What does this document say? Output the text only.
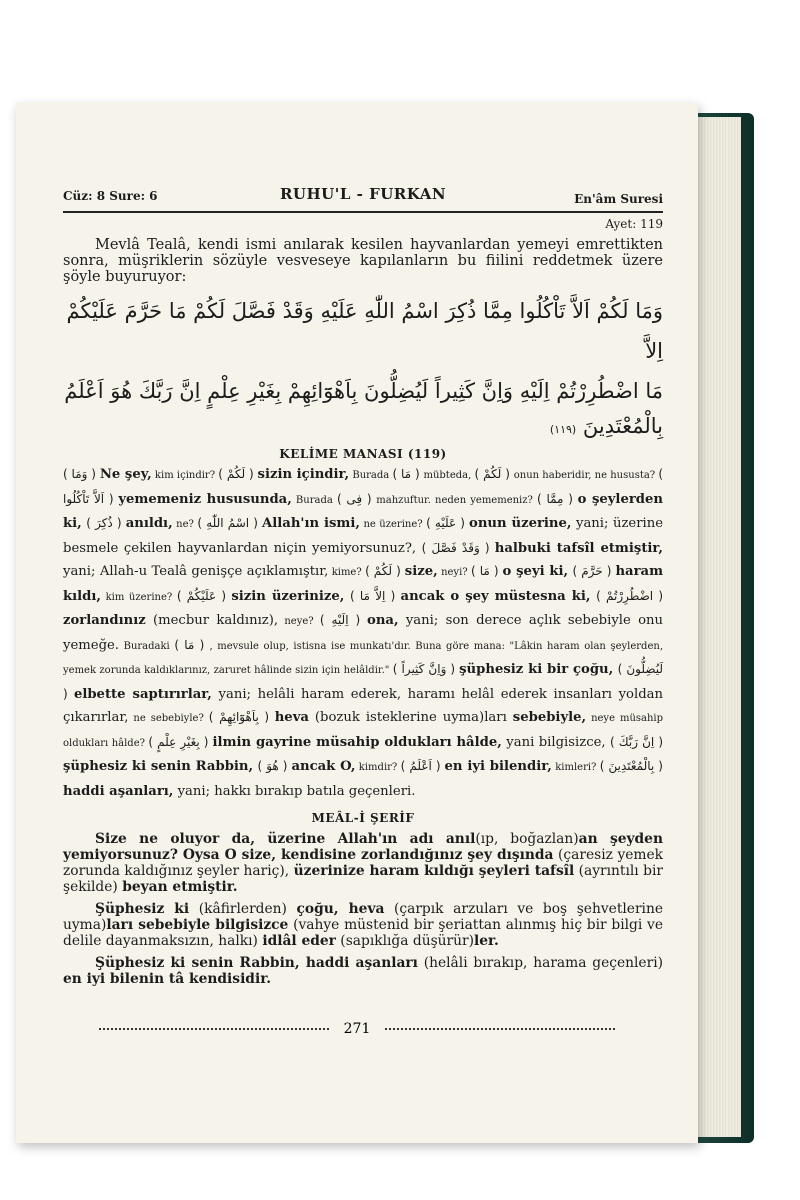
Cüz: 8 Sure: 6	RUHU'L - FURKAN	En'âm Suresi
Ayet: 119

Mevlâ Tealâ, kendi ismi anılarak kesilen hayvanlardan yemeyi emrettikten sonra, müşriklerin sözüyle vesveseye kapılanların bu fiilini reddetmek üzere şöyle buyuruyor:

وَمَا لَكُمْ اَلاَّ تَاْكُلُوا مِمَّا ذُكِرَ اسْمُ اللّٰهِ عَلَيْهِ وَقَدْ فَصَّلَ لَكُمْ مَا حَرَّمَ عَلَيْكُمْ اِلاَّ
مَا اضْطُرِرْتُمْ اِلَيْهِ وَاِنَّ كَثِيراً لَيُضِلُّونَ بِاَهْوَٓائِهِمْ بِغَيْرِ عِلْمٍ اِنَّ رَبَّكَ هُوَ اَعْلَمُ
بِالْمُعْتَدِينَ (١١٩)
KELİME MANASI (119)
( وَمَا ) Ne şey, kim içindir? ( لَكُمْ ) sizin içindir, Burada ( مَا ) mübteda, ( لَكُمْ ) onun haberidir, ne hususta? ( اَلاَّ تَاْكُلُوا ) yememeniz hususunda, Burada ( فِى ) mahzuftur. neden yememeniz? ( مِمَّا ) o şeylerden ki, ( ذُكِرَ ) anıldı, ne? ( اسْمُ اللّٰهِ ) Allah'ın ismi, ne üzerine? ( عَلَيْهِ ) onun üzerine, yani; üzerine besmele çekilen hayvanlardan niçin yemiyorsunuz?, ( وَقَدْ فَصَّلَ ) halbuki tafsîl etmiştir, yani; Allah-u Tealâ genişçe açıklamıştır, kime? ( لَكُمْ ) size, neyi? ( مَا ) o şeyi ki, ( حَرَّمَ ) haram kıldı, kim üzerine? ( عَلَيْكُمْ ) sizin üzerinize, ( اِلاَّ مَا ) ancak o şey müstesna ki, ( اضْطُرِرْتُمْ ) zorlandınız (mecbur kaldınız), neye? ( اِلَيْهِ ) ona, yani; son derece açlık sebebiyle onu yemeğe. Buradaki ( مَا ) , mevsule olup, istisna ise munkatı'dır. Buna göre mana: "Lâkin haram olan şeylerden, yemek zorunda kaldıklarınız, zaruret hâlinde sizin için helâldir." ( وَاِنَّ كَثِيراً ) şüphesiz ki bir çoğu, ( لَيُضِلُّونَ ) elbette saptırırlar, yani; helâli haram ederek, haramı helâl ederek insanları yoldan çıkarırlar, ne sebebiyle? ( بِاَهْوَٓائِهِمْ ) heva (bozuk isteklerine uyma)ları sebebiyle, neye müsahip oldukları hâlde? ( بِغَيْرِ عِلْمٍ ) ilmin gayrine müsahip oldukları hâlde, yani bilgisizce, ( اِنَّ رَبَّكَ ) şüphesiz ki senin Rabbin, ( هُوَ ) ancak O, kimdir? ( اَعْلَمُ ) en iyi bilendir, kimleri? ( بِالْمُعْتَدِينَ ) haddi aşanları, yani; hakkı bırakıp batıla geçenleri.
MEÂL-İ ŞERİF

Size ne oluyor da, üzerine Allah'ın adı anıl(ıp, boğazlan)an şeyden yemiyorsunuz? Oysa O size, kendisine zorlandığınız şey dışında (çaresiz yemek zorunda kaldığınız şeyler hariç), üzerinize haram kıldığı şeyleri tafsîl (ayrıntılı bir şekilde) beyan etmiştir.

Şüphesiz ki (kâfirlerden) çoğu, heva (çarpık arzuları ve boş şehvetlerine uyma)ları sebebiyle bilgisizce (vahye müstenid bir şeriattan alınmış hiç bir bilgi ve delile dayanmaksızın, halkı) idlâl eder (sapıklığa düşürür)ler.

Şüphesiz ki senin Rabbin, haddi aşanları (helâli bırakıp, harama geçenleri) en iyi bilenin tâ kendisidir.

271
